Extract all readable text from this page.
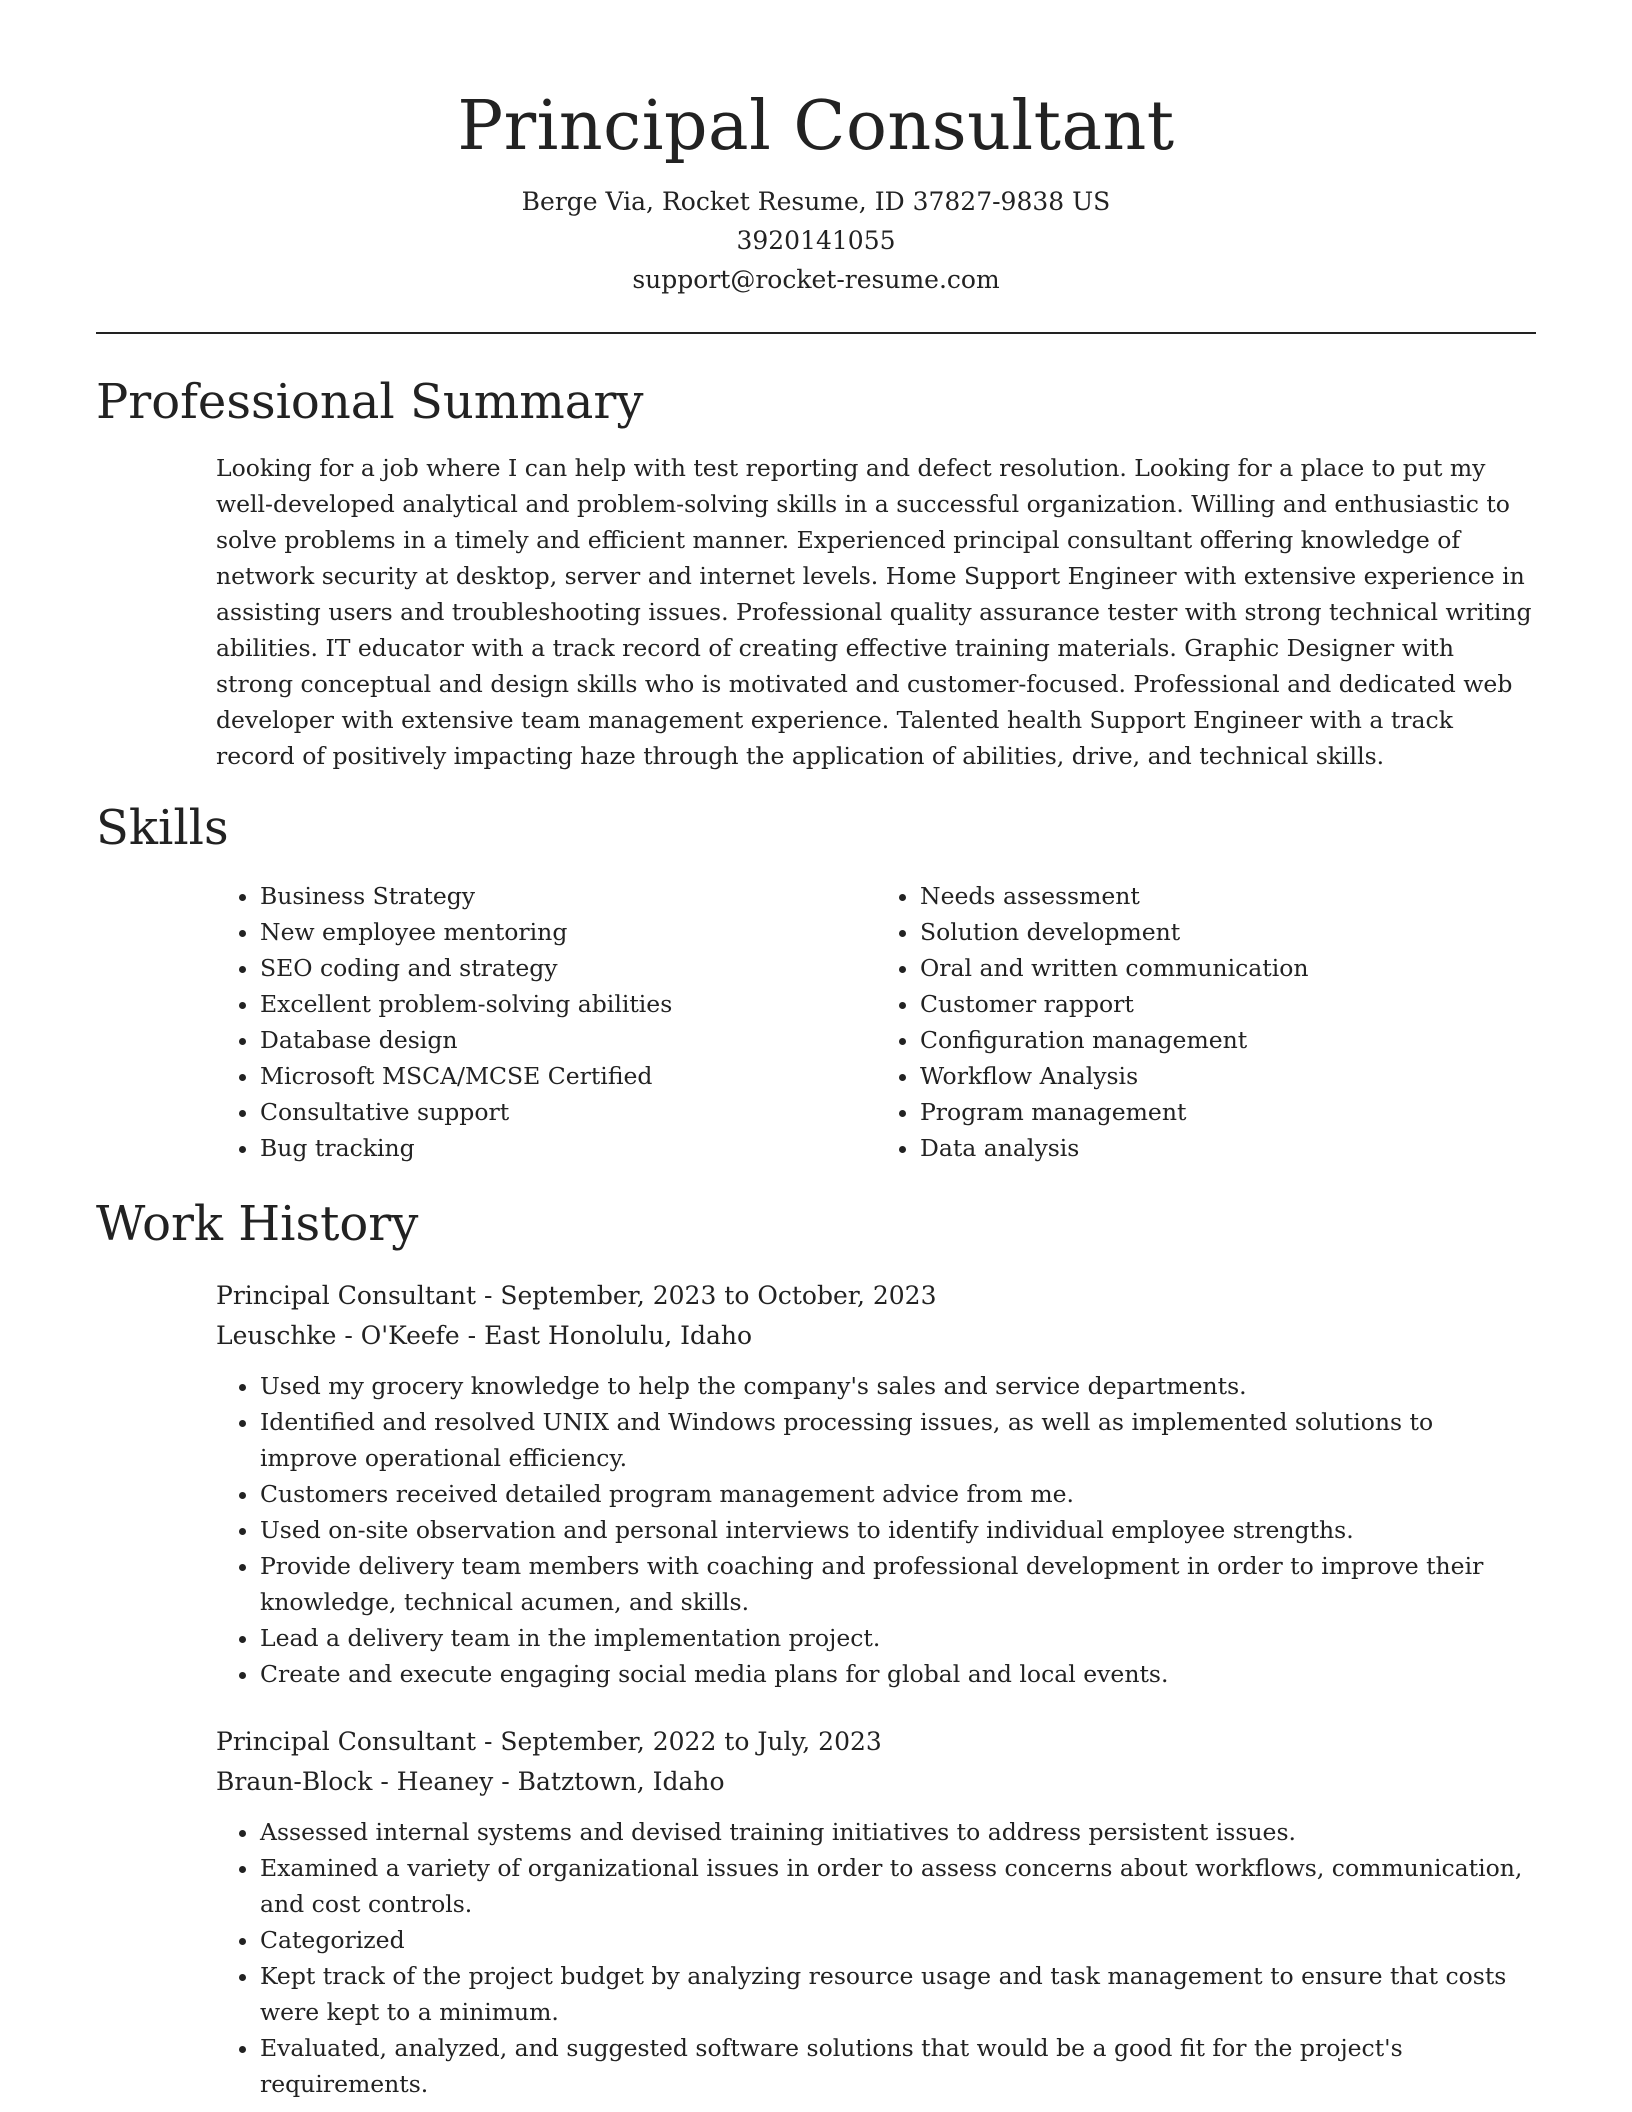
Principal Consultant
Berge Via, Rocket Resume, ID 37827-9838 US
3920141055
support@rocket-resume.com
Professional Summary

Looking for a job where I can help with test reporting and defect resolution. Looking for a place to put my well-developed analytical and problem-solving skills in a successful organization. Willing and enthusiastic to solve problems in a timely and efficient manner. Experienced principal consultant offering knowledge of network security at desktop, server and internet levels. Home Support Engineer with extensive experience in assisting users and troubleshooting issues. Professional quality assurance tester with strong technical writing abilities. IT educator with a track record of creating effective training materials. Graphic Designer with strong conceptual and design skills who is motivated and customer-focused. Professional and dedicated web developer with extensive team management experience. Talented health Support Engineer with a track record of positively impacting haze through the application of abilities, drive, and technical skills.

Skills
• Business Strategy
• New employee mentoring
• SEO coding and strategy
• Excellent problem-solving abilities
• Database design
• Microsoft MSCA/MCSE Certified
• Consultative support
• Bug tracking
• Needs assessment
• Solution development
• Oral and written communication
• Customer rapport
• Configuration management
• Workflow Analysis
• Program management
• Data analysis
Work History
Principal Consultant - September, 2023 to October, 2023
Leuschke - O'Keefe - East Honolulu, Idaho
• Used my grocery knowledge to help the company's sales and service departments.
• Identified and resolved UNIX and Windows processing issues, as well as implemented solutions to improve operational efficiency.
• Customers received detailed program management advice from me.
• Used on-site observation and personal interviews to identify individual employee strengths.
• Provide delivery team members with coaching and professional development in order to improve their knowledge, technical acumen, and skills.
• Lead a delivery team in the implementation project.
• Create and execute engaging social media plans for global and local events.
Principal Consultant - September, 2022 to July, 2023
Braun-Block - Heaney - Batztown, Idaho
• Assessed internal systems and devised training initiatives to address persistent issues.
• Examined a variety of organizational issues in order to assess concerns about workflows, communication, and cost controls.
• Categorized
• Kept track of the project budget by analyzing resource usage and task management to ensure that costs were kept to a minimum.
• Evaluated, analyzed, and suggested software solutions that would be a good fit for the project's requirements.
